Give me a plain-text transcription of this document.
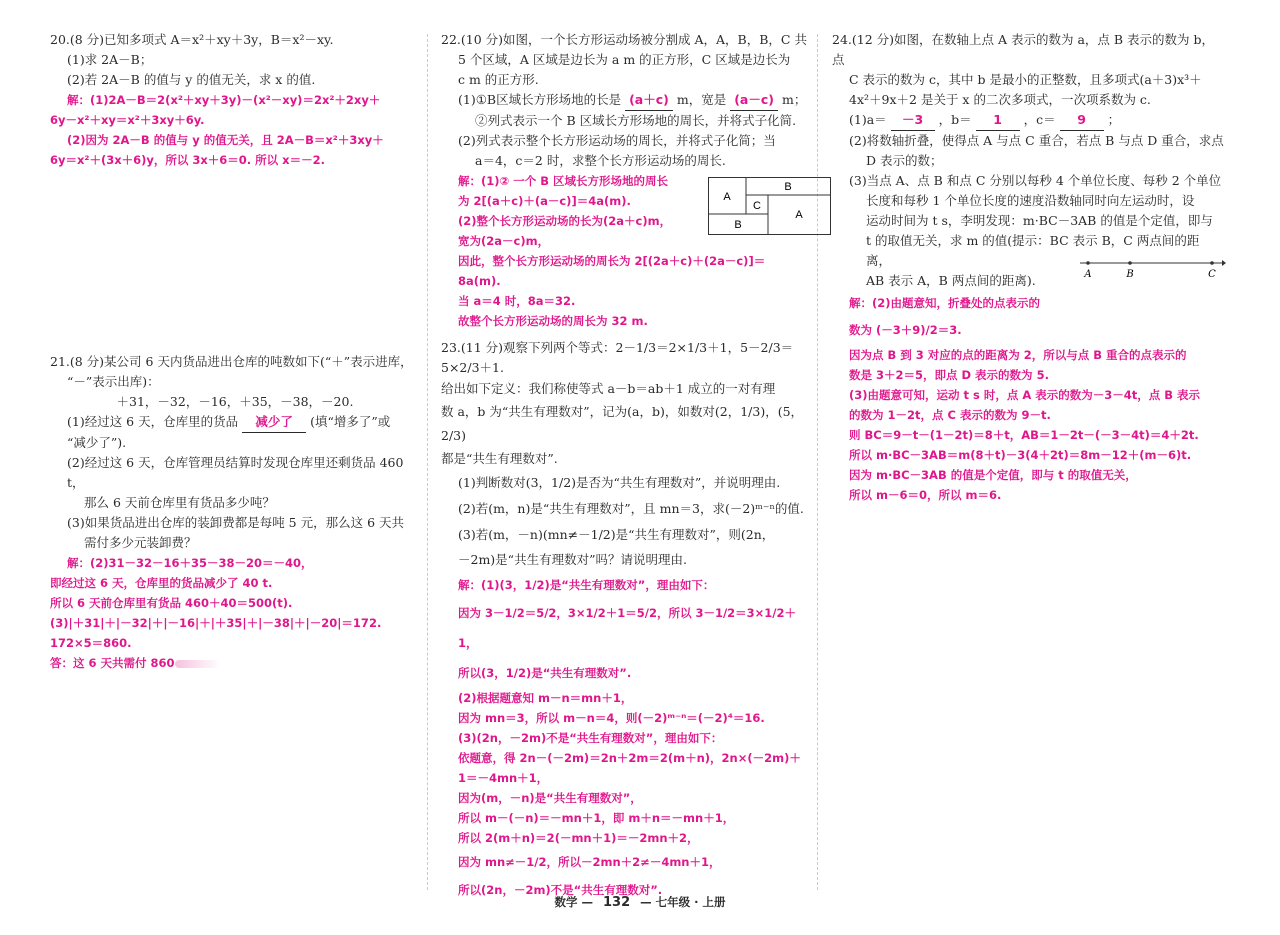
20.(8 分)已知多项式 A＝x²＋xy＋3y，B＝x²－xy.

(1)求 2A－B；

(2)若 2A－B 的值与 y 的值无关，求 x 的值.

解：(1)2A－B＝2(x²＋xy＋3y)－(x²－xy)＝2x²＋2xy＋

6y－x²＋xy＝x²＋3xy＋6y.

(2)因为 2A－B 的值与 y 的值无关，且 2A－B＝x²＋3xy＋

6y＝x²＋(3x＋6)y，所以 3x＋6＝0. 所以 x＝－2.

21.(8 分)某公司 6 天内货品进出仓库的吨数如下(“＋”表示进库，

“－”表示出库)：

＋31，－32，－16，＋35，－38，－20.

(1)经过这 6 天，仓库里的货品 减少了 (填“增多了”或

“减少了”).

(2)经过这 6 天，仓库管理员结算时发现仓库里还剩货品 460 t，

那么 6 天前仓库里有货品多少吨？

(3)如果货品进出仓库的装卸费都是每吨 5 元，那么这 6 天共

需付多少元装卸费？

解：(2)31－32－16＋35－38－20＝－40，

即经过这 6 天，仓库里的货品减少了 40 t.

所以 6 天前仓库里有货品 460＋40＝500(t).

(3)|＋31|＋|－32|＋|－16|＋|＋35|＋|－38|＋|－20|＝172.

172×5＝860.

答：这 6 天共需付 860

22.(10 分)如图，一个长方形运动场被分割成 A，A，B，B，C 共

5 个区域，A 区域是边长为 a m 的正方形，C 区域是边长为

c m 的正方形.

(1)①B区域长方形场地的长是 (a＋c) m，宽是 (a－c) m；

②列式表示一个 B 区域长方形场地的周长，并将式子化简.

(2)列式表示整个长方形运动场的周长，并将式子化简；当

a＝4，c＝2 时，求整个长方形运动场的周长.

解：(1)② 一个 B 区域长方形场地的周长

为 2[(a＋c)＋(a－c)]＝4a(m).

(2)整个长方形运动场的长为(2a＋c)m，

宽为(2a－c)m，

因此，整个长方形运动场的周长为 2[(2a＋c)＋(2a－c)]＝

8a(m).

当 a＝4 时，8a＝32.

故整个长方形运动场的周长为 32 m.

A
B
C
A
B

23.(11 分)观察下列两个等式：2－1/3＝2×1/3＋1，5－2/3＝5×2/3＋1.

给出如下定义：我们称使等式 a－b＝ab＋1 成立的一对有理

数 a，b 为“共生有理数对”，记为(a，b)，如数对(2，1/3)，(5，2/3)

都是“共生有理数对”.

(1)判断数对(3，1/2)是否为“共生有理数对”，并说明理由.

(2)若(m，n)是“共生有理数对”，且 mn＝3，求(－2)ᵐ⁻ⁿ的值.

(3)若(m，－n)(mn≠－1/2)是“共生有理数对”，则(2n，

－2m)是“共生有理数对”吗？请说明理由.

解：(1)(3，1/2)是“共生有理数对”，理由如下：

因为 3－1/2＝5/2，3×1/2＋1＝5/2，所以 3－1/2＝3×1/2＋1，

所以(3，1/2)是“共生有理数对”.

(2)根据题意知 m－n＝mn＋1，

因为 mn＝3，所以 m－n＝4，则(－2)ᵐ⁻ⁿ＝(－2)⁴＝16.

(3)(2n，－2m)不是“共生有理数对”，理由如下：

依题意，得 2n－(－2m)＝2n＋2m＝2(m＋n)，2n×(－2m)＋

1＝－4mn＋1，

因为(m，－n)是“共生有理数对”，

所以 m－(－n)＝－mn＋1，即 m＋n＝－mn＋1，

所以 2(m＋n)＝2(－mn＋1)＝－2mn＋2，

因为 mn≠－1/2，所以－2mn＋2≠－4mn＋1，

所以(2n，－2m)不是“共生有理数对”.

24.(12 分)如图，在数轴上点 A 表示的数为 a，点 B 表示的数为 b，点

C 表示的数为 c，其中 b 是最小的正整数，且多项式(a＋3)x³＋

4x²＋9x＋2 是关于 x 的二次多项式，一次项系数为 c.

(1)a＝ －3 ，b＝ 1 ，c＝ 9 ；

(2)将数轴折叠，使得点 A 与点 C 重合，若点 B 与点 D 重合，求点

D 表示的数；

(3)当点 A、点 B 和点 C 分别以每秒 4 个单位长度、每秒 2 个单位

长度和每秒 1 个单位长度的速度沿数轴同时向左运动时，设

运动时间为 t s，李明发现：m·BC－3AB 的值是个定值，即与

t 的取值无关，求 m 的值(提示：BC 表示 B，C 两点间的距离，

AB 表示 A，B 两点间的距离).

解：(2)由题意知，折叠处的点表示的

数为 (－3＋9)/2＝3.

因为点 B 到 3 对应的点的距离为 2，所以与点 B 重合的点表示的

数是 3＋2＝5，即点 D 表示的数为 5.

(3)由题意可知，运动 t s 时，点 A 表示的数为－3－4t，点 B 表示

的数为 1－2t，点 C 表示的数为 9－t.

则 BC＝9－t－(1－2t)＝8＋t，AB＝1－2t－(－3－4t)＝4＋2t.

所以 m·BC－3AB＝m(8＋t)－3(4＋2t)＝8m－12＋(m－6)t.

因为 m·BC－3AB 的值是个定值，即与 t 的取值无关，

所以 m－6＝0，所以 m＝6.

A	B	C
数学 — 132 — 七年级 · 上册
